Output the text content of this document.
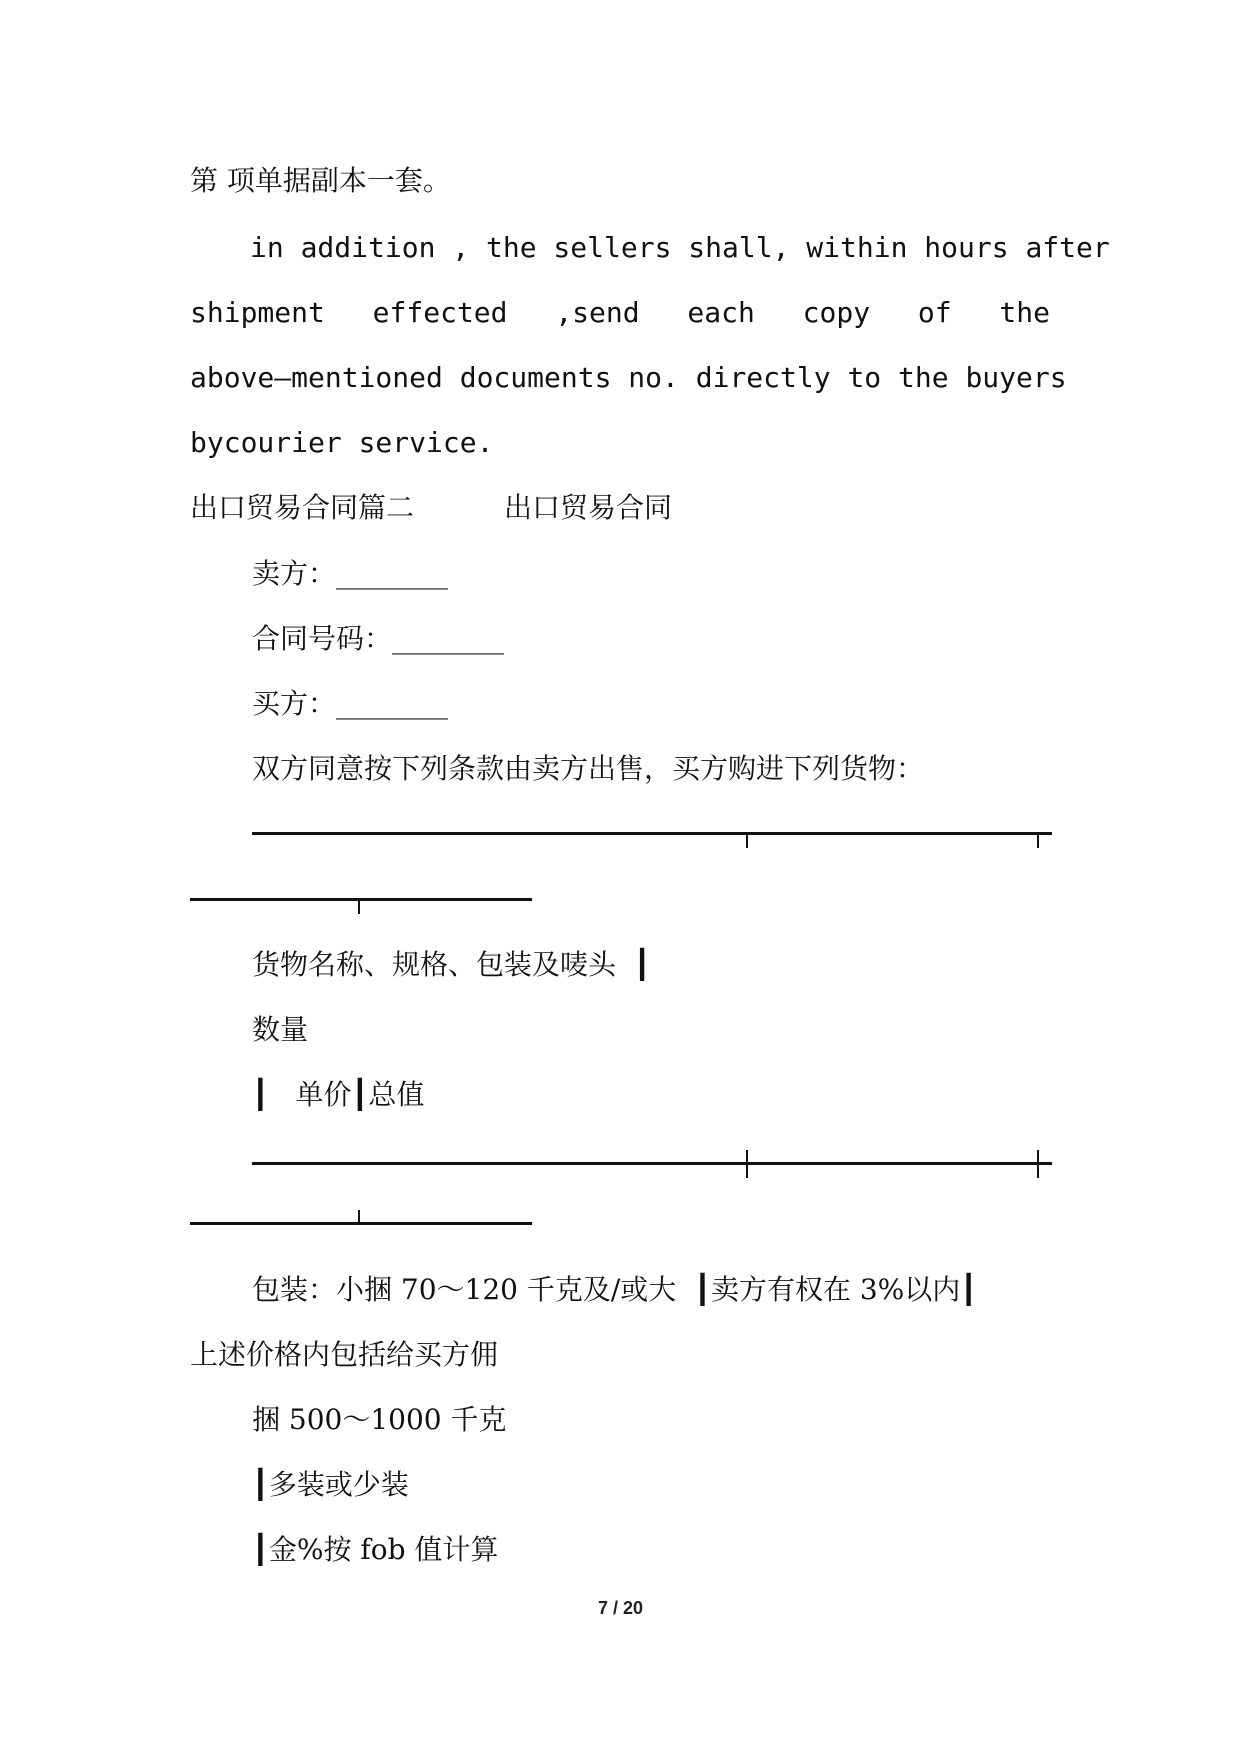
第 项单据副本一套。
in addition , the sellers shall, within hours after
shipment effected ,send each copy of the
above—mentioned documents no. directly to the buyers
bycourier service.
出口贸易合同篇二	出口贸易合同
卖方：________
合同号码：________
买方：________
双方同意按下列条款由卖方出售，买方购进下列货物：
货物名称、规格、包装及唛头  ┃
数量
┃   单价┃总值
包装：小捆 70～120 千克及/或大  ┃卖方有权在 3%以内┃
上述价格内包括给买方佣
捆 500～1000 千克
┃多装或少装
┃金%按 fob 值计算
7 / 20
